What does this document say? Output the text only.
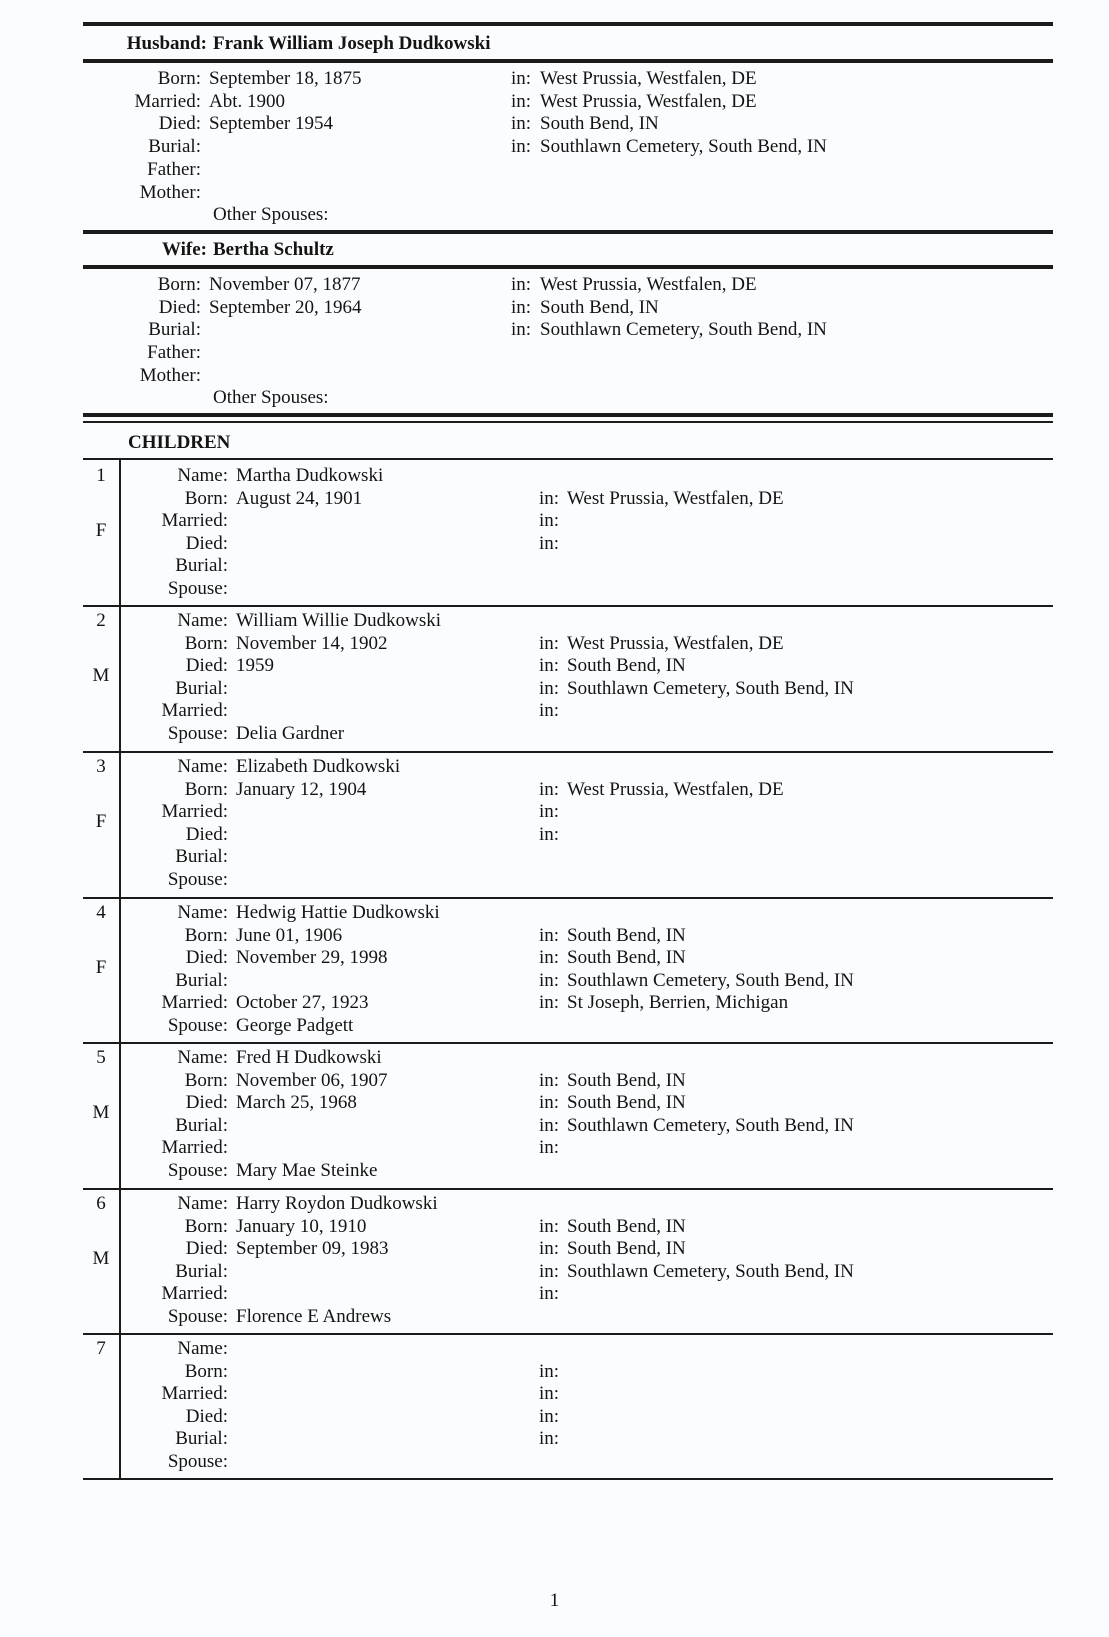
Husband: Frank William Joseph Dudkowski
Born: September 18, 1875	in: West Prussia, Westfalen, DE
Married: Abt. 1900	in: West Prussia, Westfalen, DE
Died: September 1954	in: South Bend, IN
Burial:	in: Southlawn Cemetery, South Bend, IN
Father:
Mother:
Other Spouses:
Wife: Bertha Schultz
Born: November 07, 1877	in: West Prussia, Westfalen, DE
Died: September 20, 1964	in: South Bend, IN
Burial:	in: Southlawn Cemetery, South Bend, IN
Father:
Mother:
Other Spouses:
CHILDREN
1
F
Name: Martha Dudkowski
Born: August 24, 1901	in: West Prussia, Westfalen, DE
Married:	in:
Died:	in:
Burial:
Spouse:
2
M
Name: William Willie Dudkowski
Born: November 14, 1902	in: West Prussia, Westfalen, DE
Died: 1959	in: South Bend, IN
Burial:	in: Southlawn Cemetery, South Bend, IN
Married:	in:
Spouse: Delia Gardner
3
F
Name: Elizabeth Dudkowski
Born: January 12, 1904	in: West Prussia, Westfalen, DE
Married:	in:
Died:	in:
Burial:
Spouse:
4
F
Name: Hedwig Hattie Dudkowski
Born: June 01, 1906	in: South Bend, IN
Died: November 29, 1998	in: South Bend, IN
Burial:	in: Southlawn Cemetery, South Bend, IN
Married: October 27, 1923	in: St Joseph, Berrien, Michigan
Spouse: George Padgett
5
M
Name: Fred H Dudkowski
Born: November 06, 1907	in: South Bend, IN
Died: March 25, 1968	in: South Bend, IN
Burial:	in: Southlawn Cemetery, South Bend, IN
Married:	in:
Spouse: Mary Mae Steinke
6
M
Name: Harry Roydon Dudkowski
Born: January 10, 1910	in: South Bend, IN
Died: September 09, 1983	in: South Bend, IN
Burial:	in: Southlawn Cemetery, South Bend, IN
Married:	in:
Spouse: Florence E Andrews
7	Name:
Born:	in:
Married:	in:
Died:	in:
Burial:	in:
Spouse:
1
